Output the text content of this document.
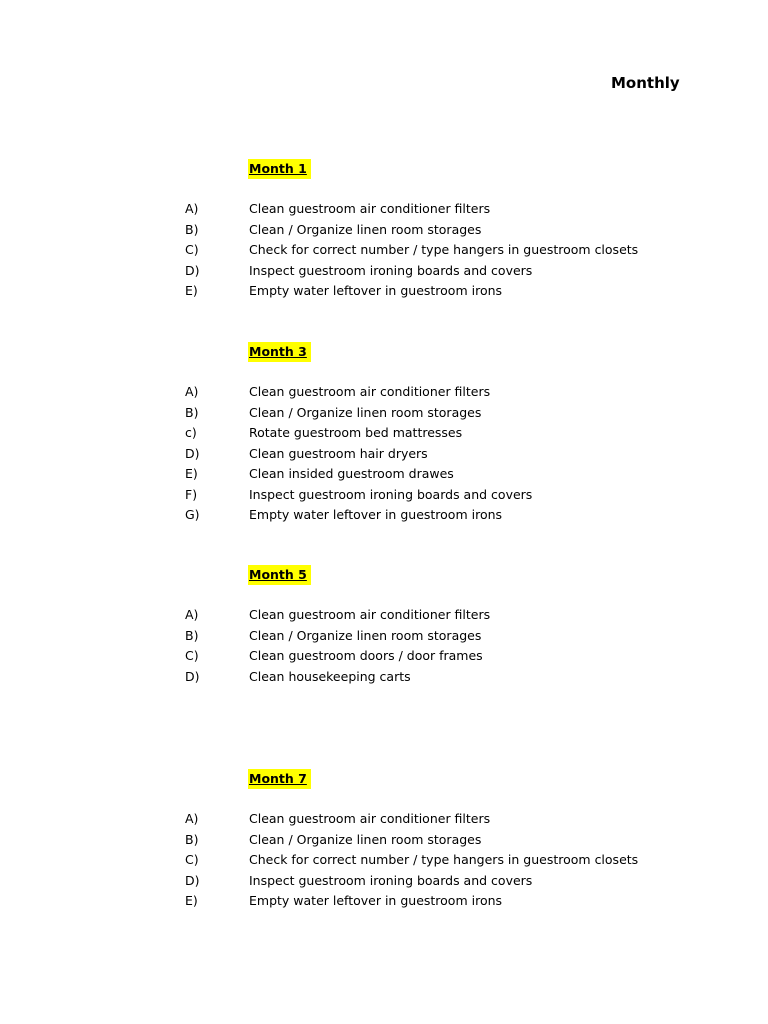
Monthly
Month 1
A)	Clean guestroom air conditioner filters
B)	Clean / Organize linen room storages
C)	Check for correct number / type hangers in guestroom closets
D)	Inspect guestroom ironing boards and covers
E)	Empty water leftover in guestroom irons
Month 3
A)	Clean guestroom air conditioner filters
B)	Clean / Organize linen room storages
c)	Rotate guestroom bed mattresses
D)	Clean guestroom hair dryers
E)	Clean insided guestroom drawes
F)	Inspect guestroom ironing boards and covers
G)	Empty water leftover in guestroom irons
Month 5
A)	Clean guestroom air conditioner filters
B)	Clean / Organize linen room storages
C)	Clean guestroom doors / door frames
D)	Clean housekeeping carts
Month 7
A)	Clean guestroom air conditioner filters
B)	Clean / Organize linen room storages
C)	Check for correct number / type hangers in guestroom closets
D)	Inspect guestroom ironing boards and covers
E)	Empty water leftover in guestroom irons
